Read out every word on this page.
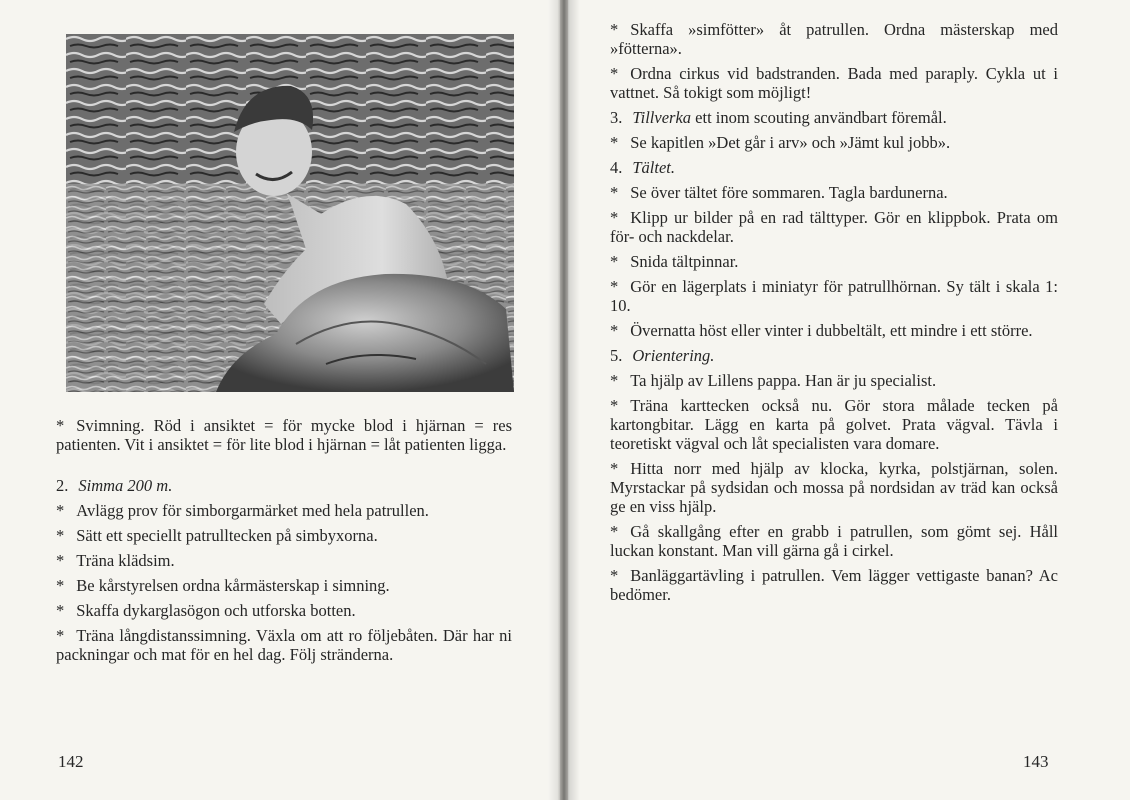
* Svimning. Röd i ansiktet = för mycke blod i hjärnan = res patienten. Vit i ansiktet = för lite blod i hjärnan = låt patienten ligga.

2. Simma 200 m.

* Avlägg prov för simborgarmärket med hela patrullen.

* Sätt ett speciellt patrulltecken på simbyxorna.

* Träna klädsim.

* Be kårstyrelsen ordna kårmästerskap i simning.

* Skaffa dykarglasögon och utforska botten.

* Träna långdistanssimning. Växla om att ro följebåten. Där har ni packningar och mat för en hel dag. Följ stränderna.

142

* Skaffa »simfötter» åt patrullen. Ordna mästerskap med »fötterna».

* Ordna cirkus vid badstranden. Bada med paraply. Cykla ut i vattnet. Så tokigt som möjligt!

3. Tillverka ett inom scouting användbart föremål.

* Se kapitlen »Det går i arv» och »Jämt kul jobb».

4. Tältet.

* Se över tältet före sommaren. Tagla bardunerna.

* Klipp ur bilder på en rad tälttyper. Gör en klippbok. Prata om för- och nackdelar.

* Snida tältpinnar.

* Gör en lägerplats i miniatyr för patrullhörnan. Sy tält i skala 1: 10.

* Övernatta höst eller vinter i dubbeltält, ett mindre i ett större.

5. Orientering.

* Ta hjälp av Lillens pappa. Han är ju specialist.

* Träna karttecken också nu. Gör stora målade tecken på kartongbitar. Lägg en karta på golvet. Prata vägval. Tävla i teoretiskt vägval och låt specialisten vara domare.

* Hitta norr med hjälp av klocka, kyrka, polstjärnan, solen. Myrstackar på sydsidan och mossa på nordsidan av träd kan också ge en viss hjälp.

* Gå skallgång efter en grabb i patrullen, som gömt sej. Håll luckan konstant. Man vill gärna gå i cirkel.

* Banläggartävling i patrullen. Vem lägger vettigaste banan? Ac bedömer.

143
